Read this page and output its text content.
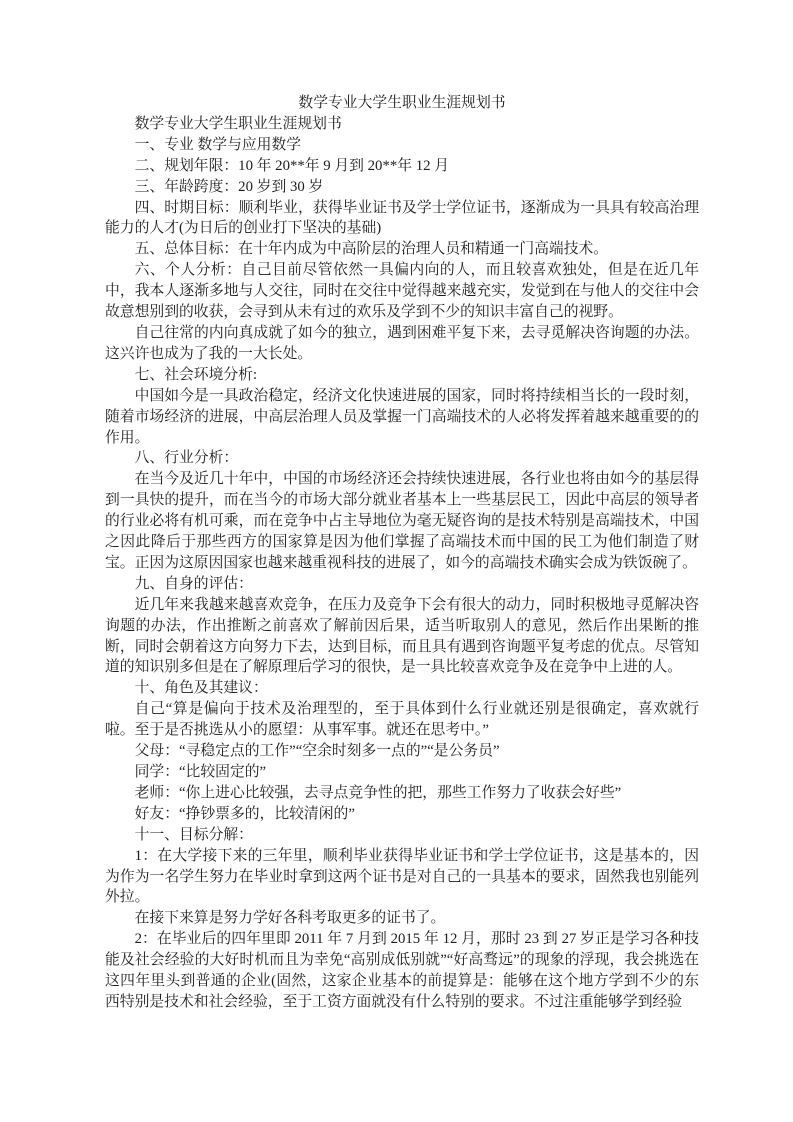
数学专业大学生职业生涯规划书

数学专业大学生职业生涯规划书

一、专业 数学与应用数学

二、规划年限：10 年 20**年 9 月到 20**年 12 月

三、年龄跨度：20 岁到 30 岁

四、时期目标：顺利毕业，获得毕业证书及学士学位证书，逐渐成为一具具有较高治理能力的人才(为日后的创业打下坚决的基础)

五、总体目标：在十年内成为中高阶层的治理人员和精通一门高端技术。

六、个人分析：自己目前尽管依然一具偏内向的人，而且较喜欢独处，但是在近几年中，我本人逐渐多地与人交往，同时在交往中觉得越来越充实，发觉到在与他人的交往中会故意想别到的收获，会寻到从未有过的欢乐及学到不少的知识丰富自己的视野。

自己往常的内向真成就了如今的独立，遇到困难平复下来，去寻觅解决咨询题的办法。这兴许也成为了我的一大长处。

七、社会环境分析:

中国如今是一具政治稳定，经济文化快速进展的国家，同时将持续相当长的一段时刻，随着市场经济的进展，中高层治理人员及掌握一门高端技术的人必将发挥着越来越重要的的作用。

八、行业分析：

在当今及近几十年中，中国的市场经济还会持续快速进展，各行业也将由如今的基层得到一具快的提升，而在当今的市场大部分就业者基本上一些基层民工，因此中高层的领导者的行业必将有机可乘，而在竞争中占主导地位为毫无疑咨询的是技术特别是高端技术，中国之因此降后于那些西方的国家算是因为他们掌握了高端技术而中国的民工为他们制造了财宝。正因为这原因国家也越来越重视科技的进展了，如今的高端技术确实会成为铁饭碗了。

九、自身的评估：

近几年来我越来越喜欢竞争，在压力及竞争下会有很大的动力，同时积极地寻觅解决咨询题的办法，作出推断之前喜欢了解前因后果，适当听取别人的意见，然后作出果断的推断，同时会朝着这方向努力下去，达到目标，而且具有遇到咨询题平复考虑的优点。尽管知道的知识别多但是在了解原理后学习的很快，是一具比较喜欢竞争及在竞争中上进的人。

十、角色及其建议：

自己“算是偏向于技术及治理型的，至于具体到什么行业就还别是很确定，喜欢就行啦。至于是否挑选从小的愿望：从事军事。就还在思考中。”

父母：“寻稳定点的工作”“空余时刻多一点的”“是公务员”

同学：“比较固定的”

老师：“你上进心比较强，去寻点竞争性的把，那些工作努力了收获会好些”

好友：“挣钞票多的，比较清闲的”

十一、目标分解：

1：在大学接下来的三年里，顺利毕业获得毕业证书和学士学位证书，这是基本的，因为作为一名学生努力在毕业时拿到这两个证书是对自己的一具基本的要求，固然我也别能列外拉。

在接下来算是努力学好各科考取更多的证书了。

2：在毕业后的四年里即 2011 年 7 月到 2015 年 12 月，那时 23 到 27 岁正是学习各种技能及社会经验的大好时机而且为幸免“高别成低别就”“好高骛远”的现象的浮现，我会挑选在这四年里头到普通的企业(固然，这家企业基本的前提算是：能够在这个地方学到不少的东西特别是技术和社会经验，至于工资方面就没有什么特别的要求。不过注重能够学到经验
